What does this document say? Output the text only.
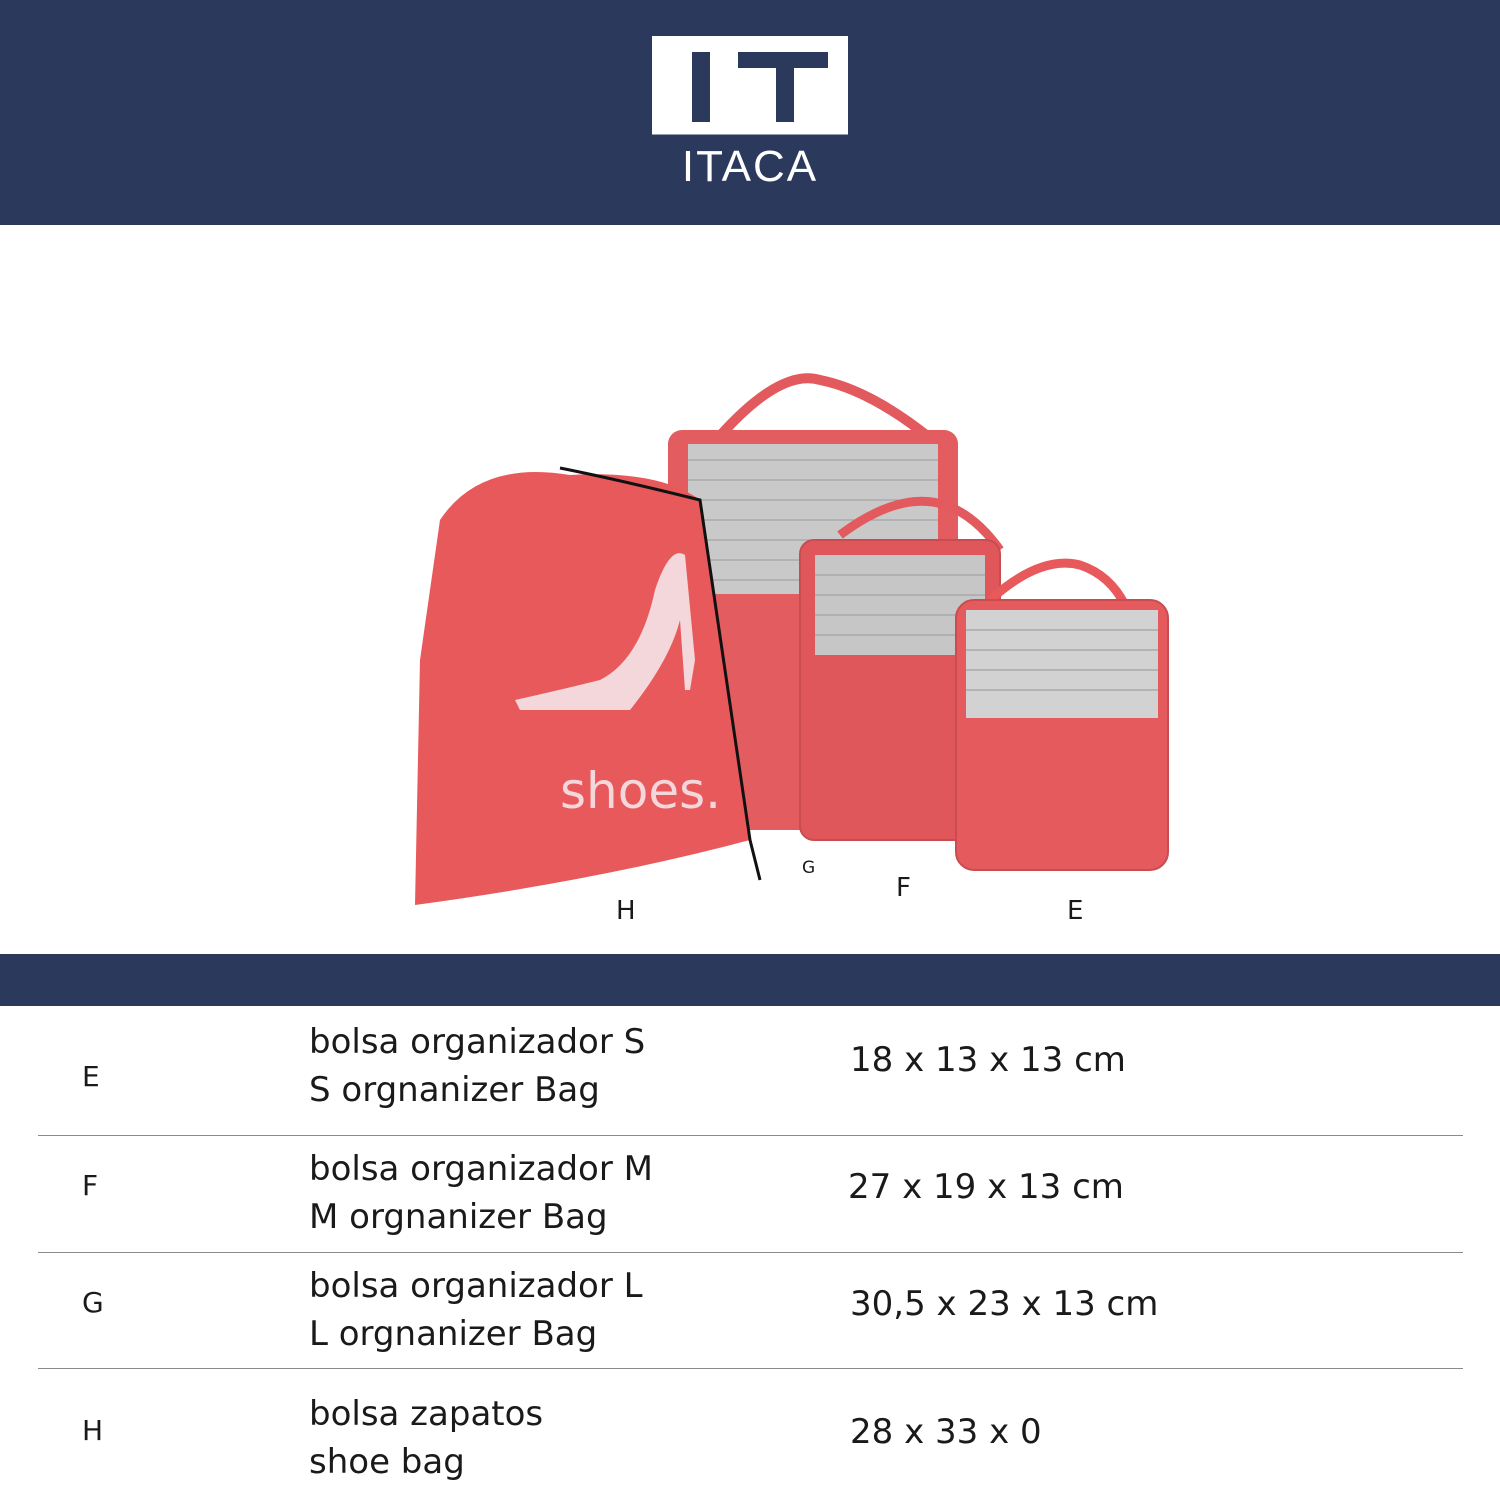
ITACA
shoes.
H
G
F
E
E
bolsa organizador S
S orgnanizer Bag
18 x 13 x 13 cm
F	bolsa organizador M
M orgnanizer Bag
27 x 19 x 13 cm
G	bolsa organizador L
L orgnanizer Bag
30,5 x 23 x 13 cm
H	bolsa zapatos
shoe bag
28 x 33 x 0
